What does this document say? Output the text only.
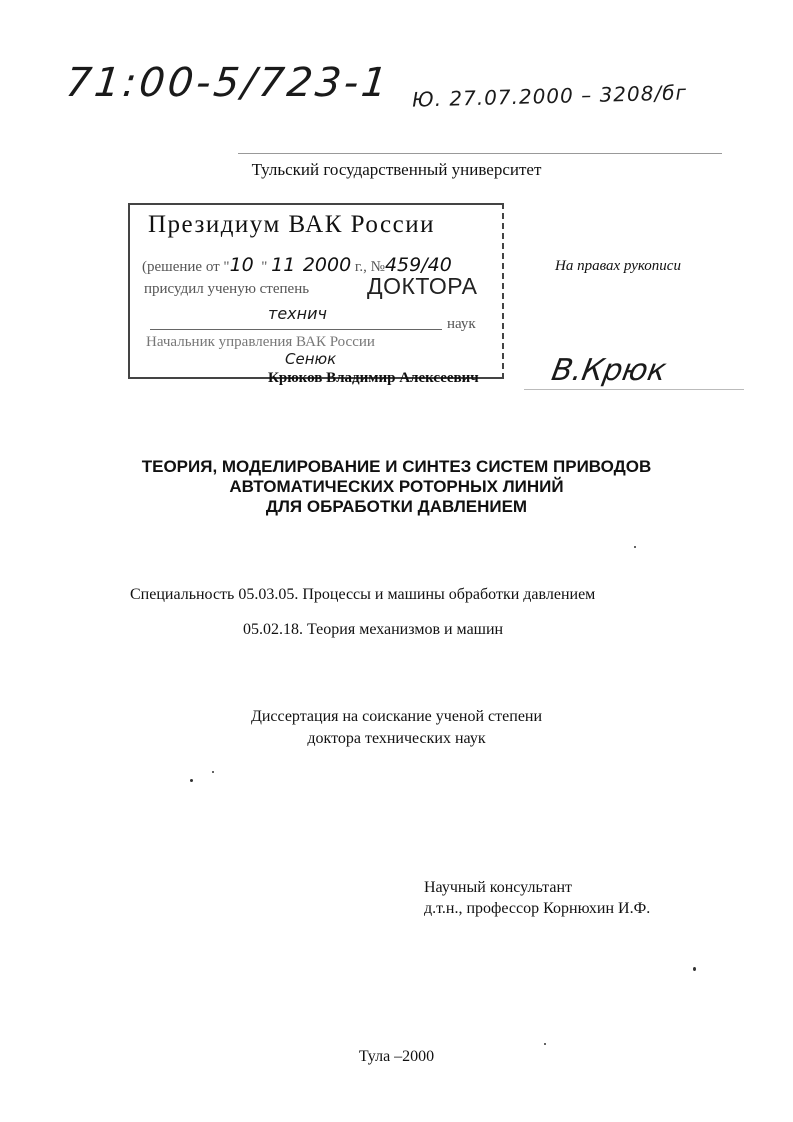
71:00-5/723-1 Ю. 27.07.2000 – 3208/бг
Тульский государственный университет
Президиум ВАК России
(решение от "10 " 11 2000 г., №459/40
присудил ученую степень	ДОКТОРА
технич
наук
Начальник управления ВАК России
Сенюк
На правах рукописи
Крюков Владимир Алексеевич В.Крюк
ТЕОРИЯ, МОДЕЛИРОВАНИЕ И СИНТЕЗ СИСТЕМ ПРИВОДОВ
АВТОМАТИЧЕСКИХ РОТОРНЫХ ЛИНИЙ
ДЛЯ ОБРАБОТКИ ДАВЛЕНИЕМ
Специальность 05.03.05. Процессы и машины обработки давлением
05.02.18. Теория механизмов и машин
Диссертация на соискание ученой степени
доктора технических наук
Научный консультант
д.т.н., профессор Корнюхин И.Ф.
Тула –2000
